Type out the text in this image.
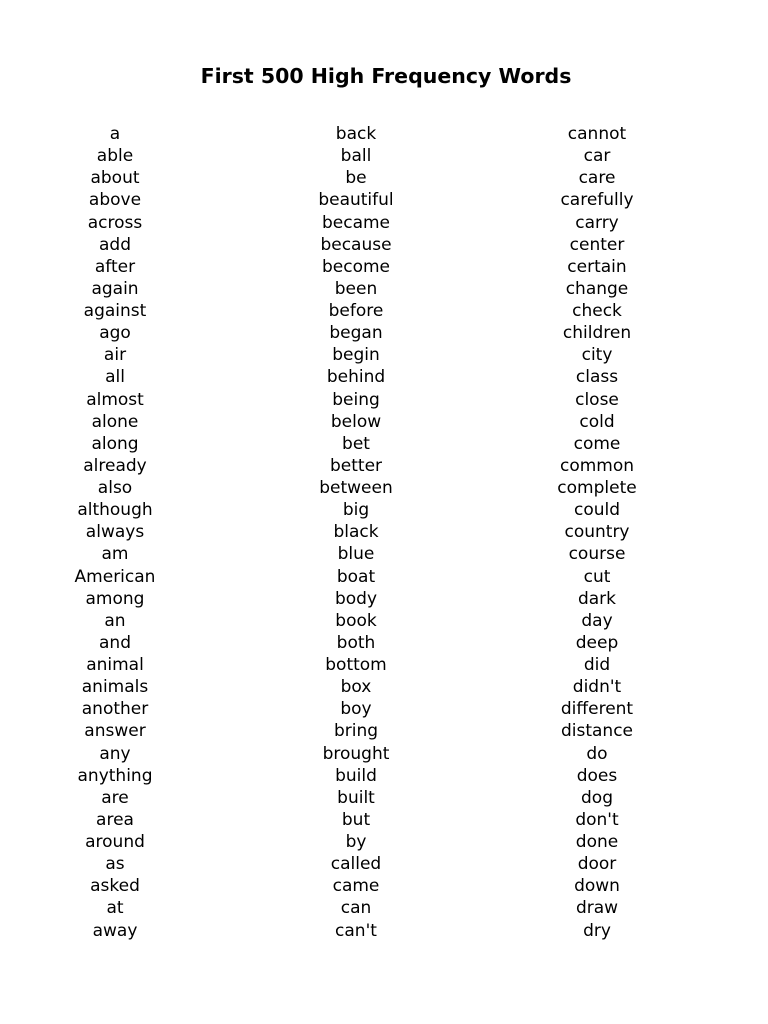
First 500 High Frequency Words
a
able
about
above
across
add
after
again
against
ago
air
all
almost
alone
along
already
also
although
always
am
American
among
an
and
animal
animals
another
answer
any
anything
are
area
around
as
asked
at
away
back
ball
be
beautiful
became
because
become
been
before
began
begin
behind
being
below
bet
better
between
big
black
blue
boat
body
book
both
bottom
box
boy
bring
brought
build
built
but
by
called
came
can
can't
cannot
car
care
carefully
carry
center
certain
change
check
children
city
class
close
cold
come
common
complete
could
country
course
cut
dark
day
deep
did
didn't
different
distance
do
does
dog
don't
done
door
down
draw
dry
